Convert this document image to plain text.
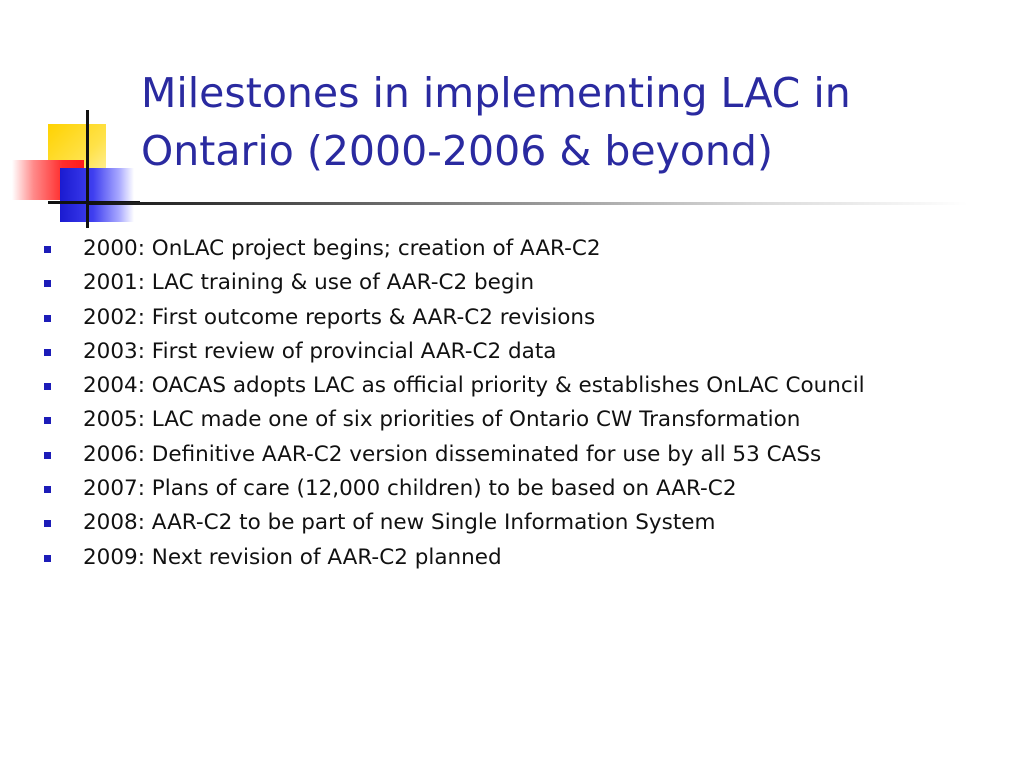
Milestones in implementing LAC in
Ontario (2000-2006 & beyond)
2000: OnLAC project begins; creation of AAR-C2
2001: LAC training & use of AAR-C2 begin
2002: First outcome reports & AAR-C2 revisions
2003: First review of provincial AAR-C2 data
2004: OACAS adopts LAC as official priority & establishes OnLAC Council
2005: LAC made one of six priorities of Ontario CW Transformation
2006: Definitive AAR-C2 version disseminated for use by all 53 CASs
2007: Plans of care (12,000 children) to be based on AAR-C2
2008: AAR-C2 to be part of new Single Information System
2009: Next revision of AAR-C2 planned
